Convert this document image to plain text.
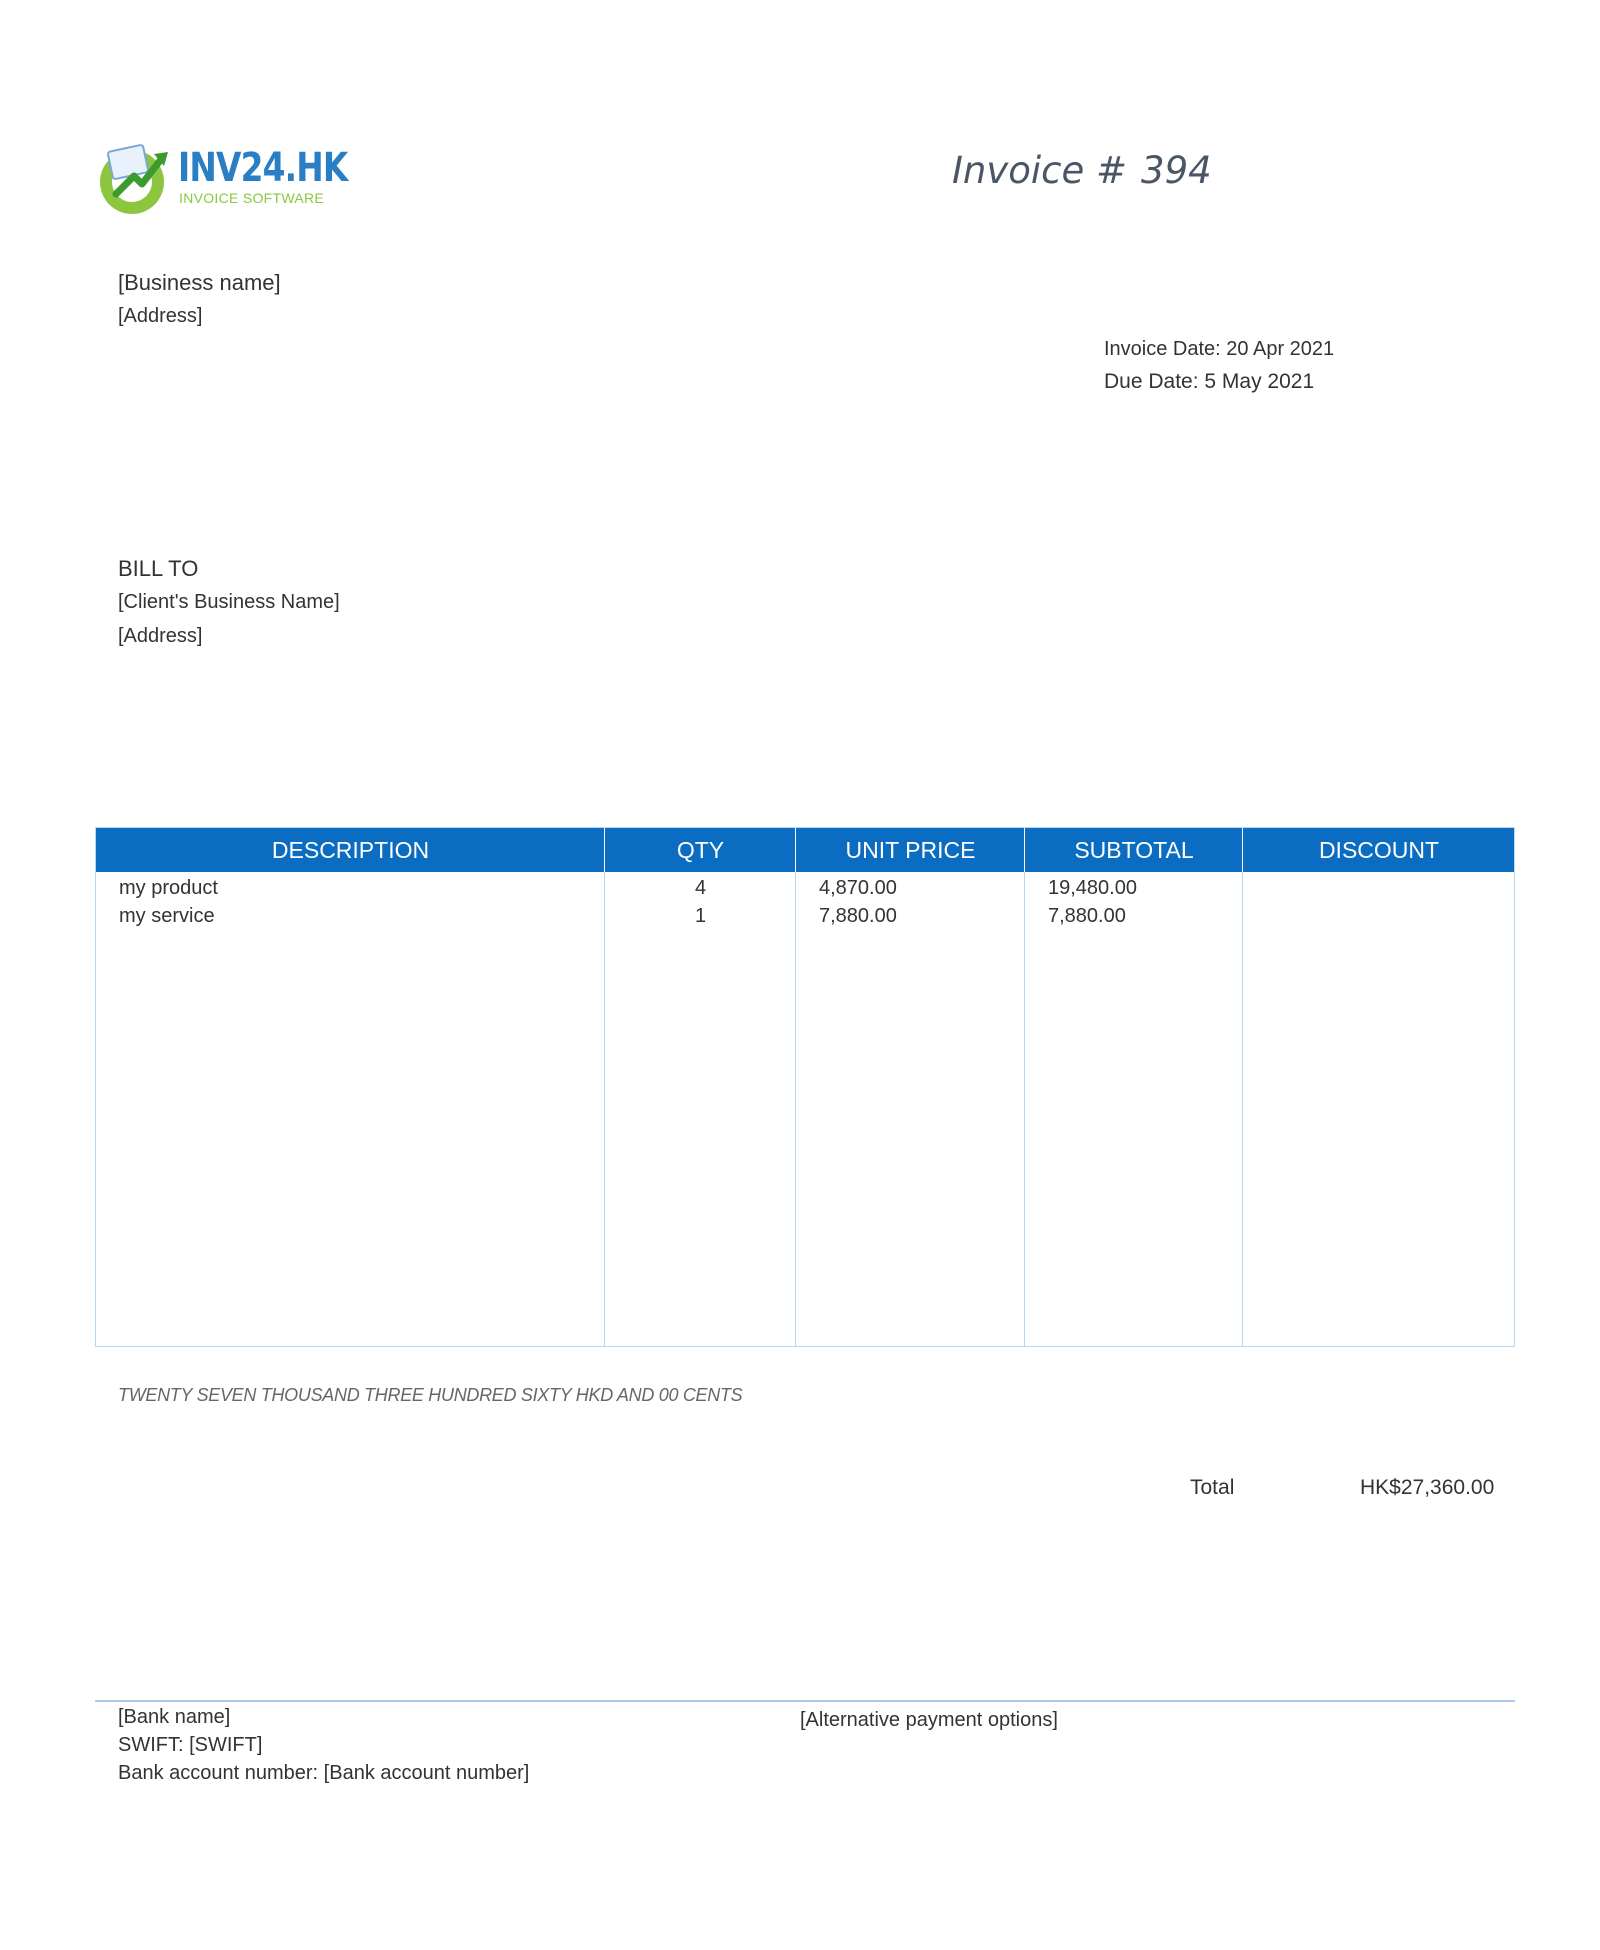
INV24.HK
INVOICE SOFTWARE
Invoice # 394
[Business name]
[Address]
Invoice Date: 20 Apr 2021
Due Date: 5 May 2021
BILL TO
[Client's Business Name]
[Address]
DESCRIPTION	QTY	UNIT PRICE	SUBTOTAL	DISCOUNT
my product	4	4,870.00	19,480.00
my service	1	7,880.00	7,880.00
TWENTY SEVEN THOUSAND THREE HUNDRED SIXTY HKD AND 00 CENTS
Total	HK$27,360.00
[Bank name]
SWIFT: [SWIFT]
Bank account number: [Bank account number]
[Alternative payment options]
